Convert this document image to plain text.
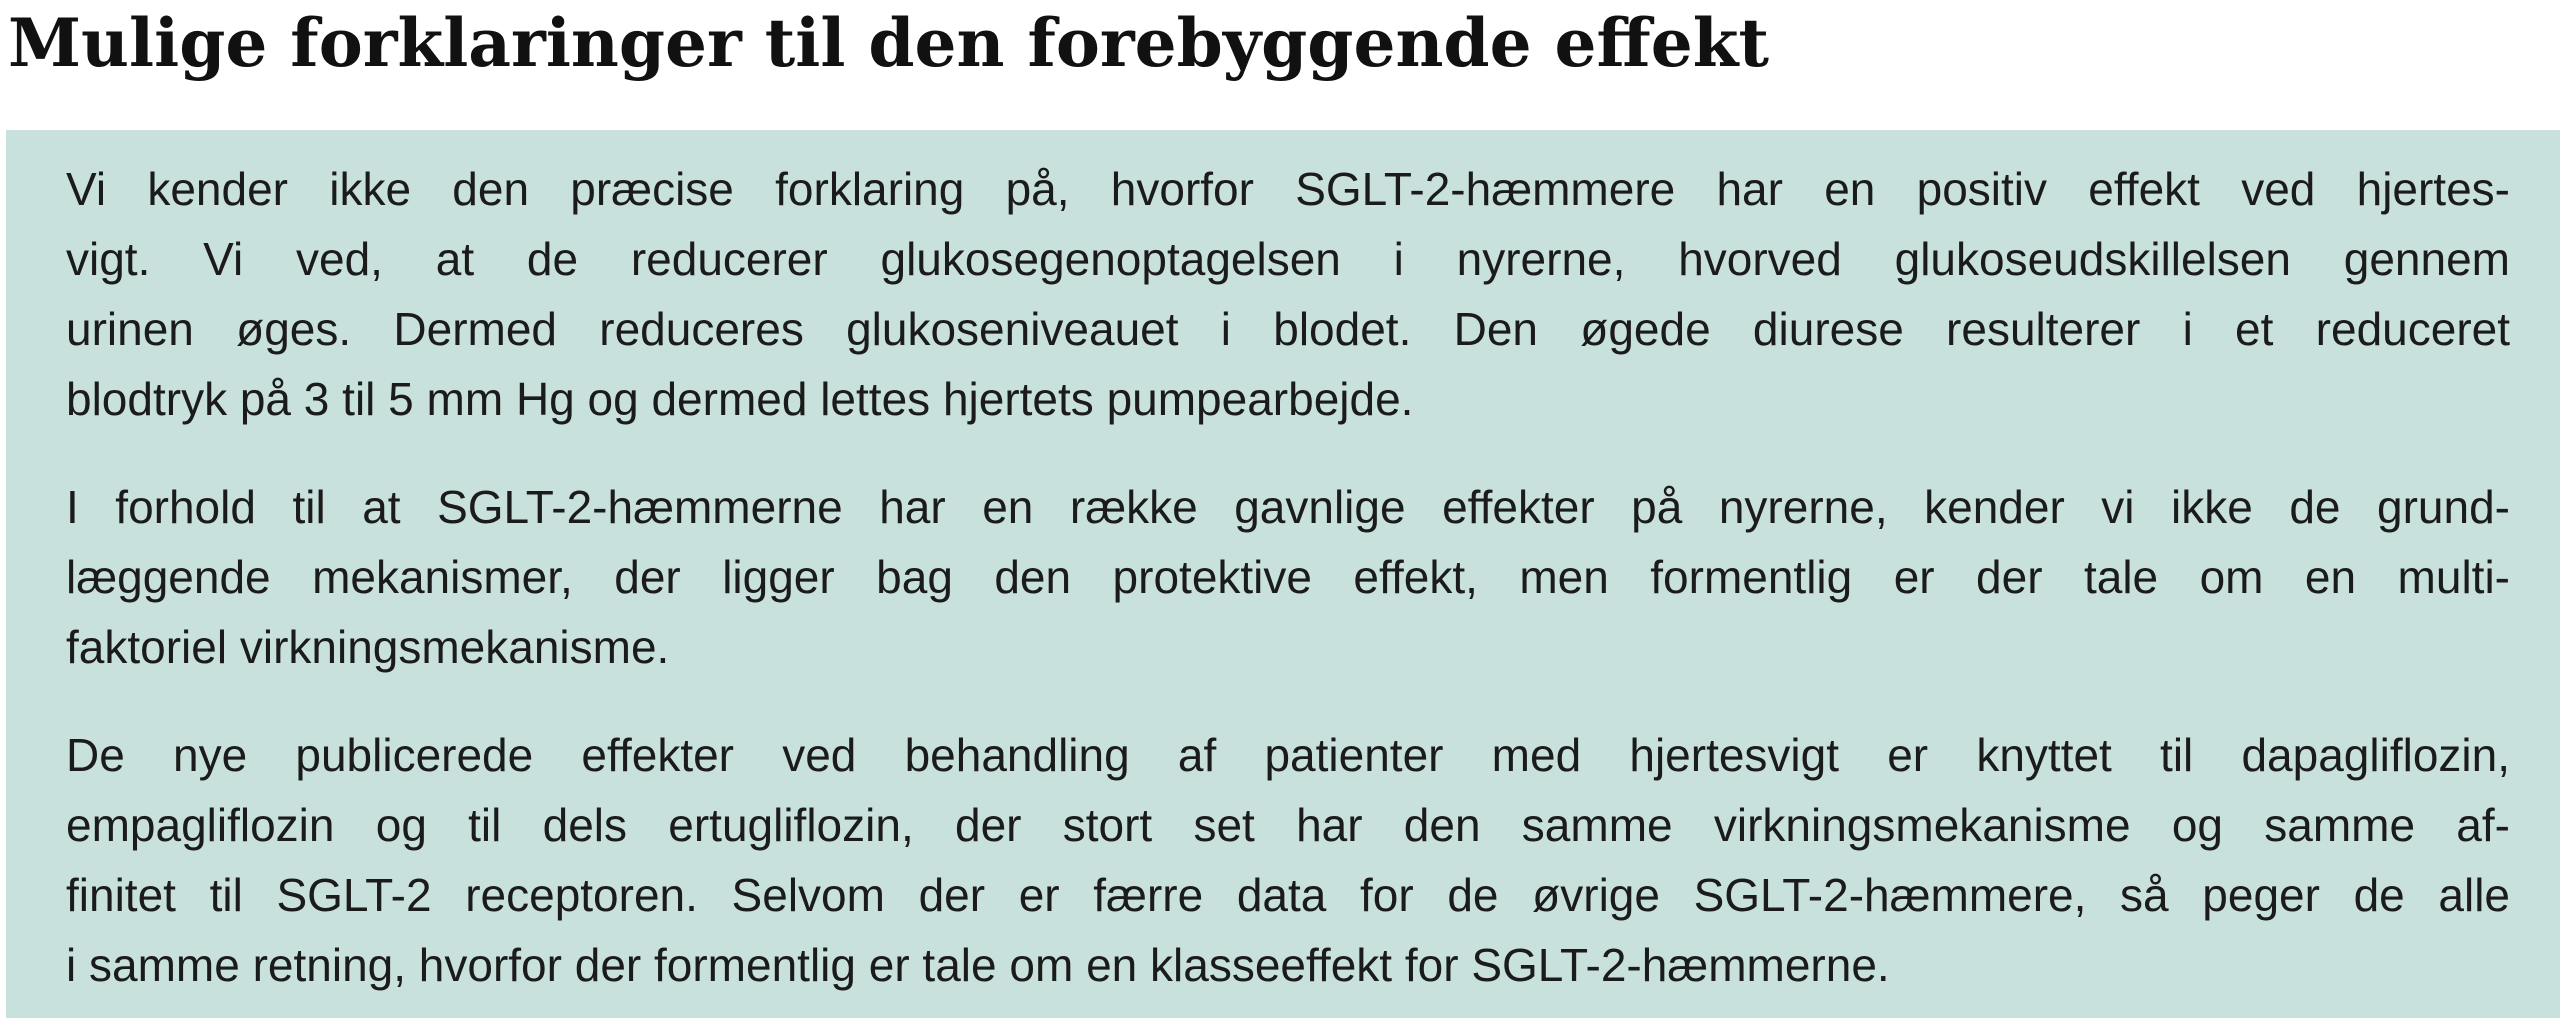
Mulige forklaringer til den forebyggende effekt

Vi kender ikke den præcise forklaring på, hvorfor SGLT-2-hæmmere har en positiv effekt ved hjertes-
vigt. Vi ved, at de reducerer glukosegenoptagelsen i nyrerne, hvorved glukoseudskillelsen gennem
urinen øges. Dermed reduceres glukoseniveauet i blodet. Den øgede diurese resulterer i et reduceret
blodtryk på 3 til 5 mm Hg og dermed lettes hjertets pumpearbejde.

I forhold til at SGLT-2-hæmmerne har en række gavnlige effekter på nyrerne, kender vi ikke de grund-
læggende mekanismer, der ligger bag den protektive effekt, men formentlig er der tale om en multi-
faktoriel virkningsmekanisme.

De nye publicerede effekter ved behandling af patienter med hjertesvigt er knyttet til dapagliflozin,
empagliflozin og til dels ertugliflozin, der stort set har den samme virkningsmekanisme og samme af-
finitet til SGLT-2 receptoren. Selvom der er færre data for de øvrige SGLT-2-hæmmere, så peger de alle
i samme retning, hvorfor der formentlig er tale om en klasseeffekt for SGLT-2-hæmmerne.
